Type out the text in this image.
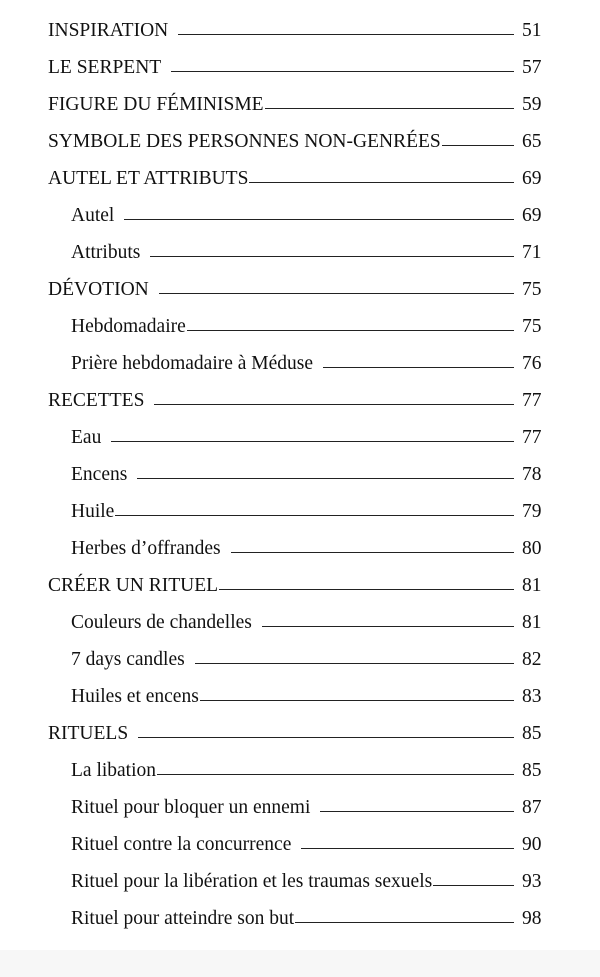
INSPIRATION	51
LE SERPENT	57
FIGURE DU FÉMINISME	59
SYMBOLE DES PERSONNES NON-GENRÉES	65
AUTEL ET ATTRIBUTS	69
Autel	69
Attributs	71
DÉVOTION	75
Hebdomadaire	75
Prière hebdomadaire à Méduse	76
RECETTES	77
Eau	77
Encens	78
Huile	79
Herbes d’offrandes	80
CRÉER UN RITUEL	81
Couleurs de chandelles	81
7 days candles	82
Huiles et encens	83
RITUELS	85
La libation	85
Rituel pour bloquer un ennemi	87
Rituel contre la concurrence	90
Rituel pour la libération et les traumas sexuels	93
Rituel pour atteindre son but	98
